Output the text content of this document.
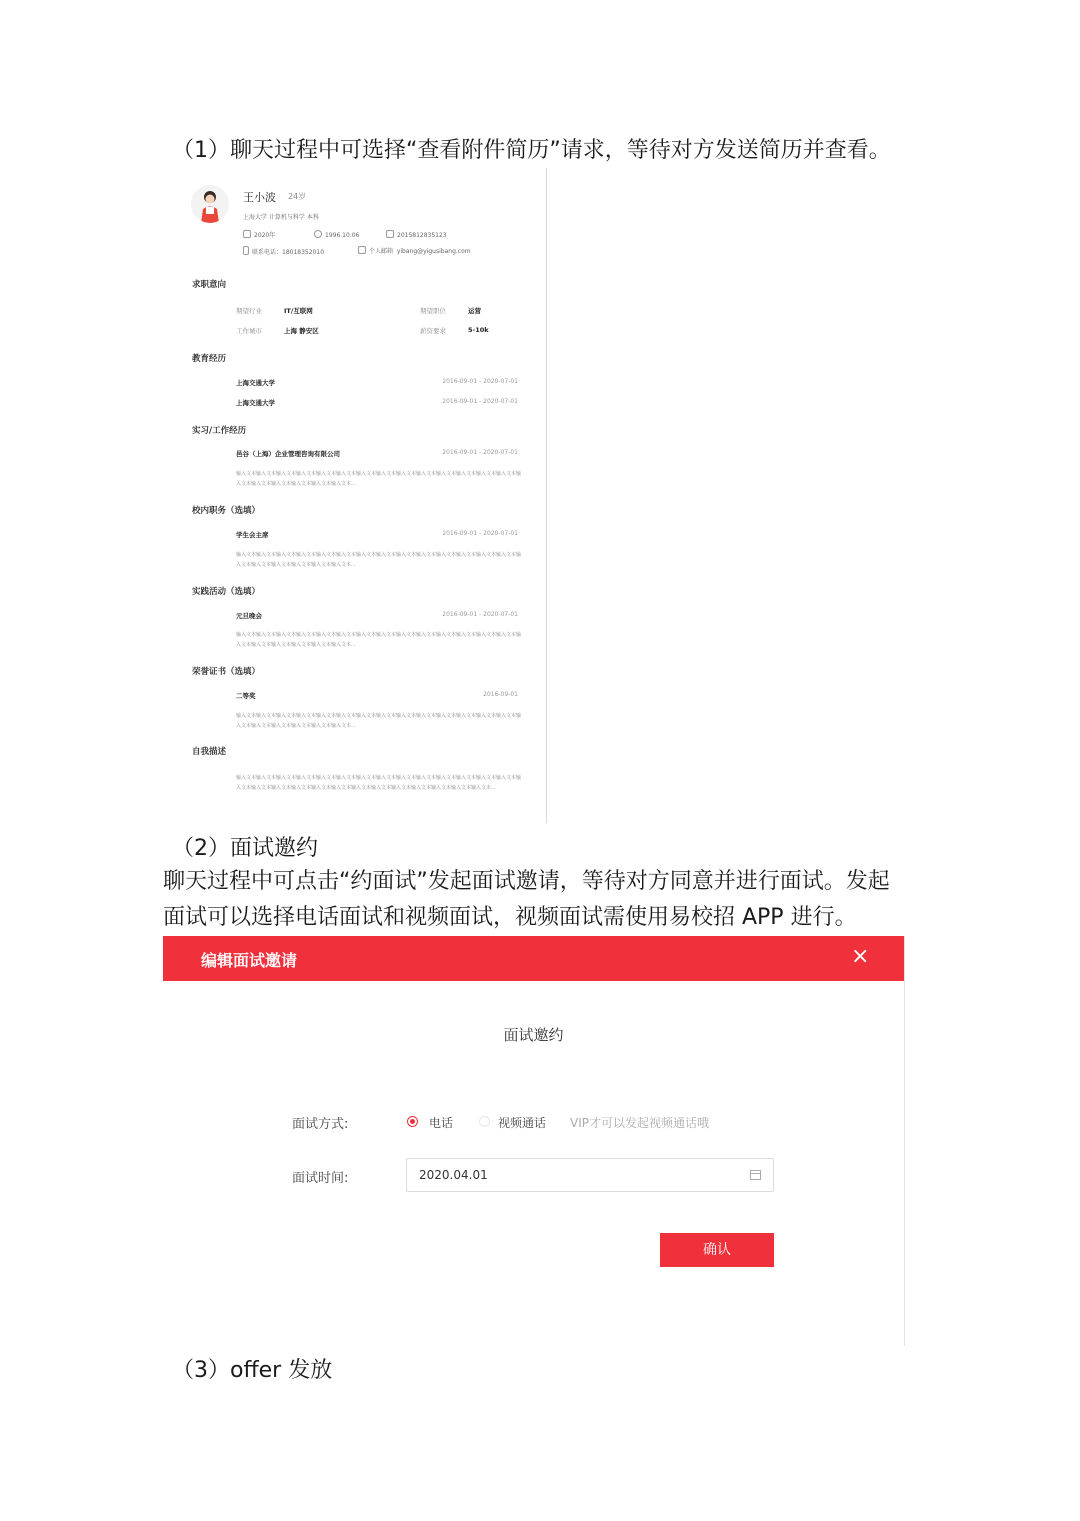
（1）聊天过程中可选择“查看附件简历”请求，等待对方发送简历并查看。
王小波 24岁
上海大学 计算机与科学 本科
2020年	1996.10.06	2015812835123
联系电话：18018352010	个人邮箱 yibang@yigusibang.com
求职意向
期望行业	IT/互联网	期望职位	运营
工作城市	上海 静安区	薪资要求	5-10k
教育经历
上海交通大学	2016-09-01 - 2020-07-01
上海交通大学	2016-09-01 - 2020-07-01
实习/工作经历
邑谷（上海）企业管理咨询有限公司	2016-09-01 - 2020-07-01
输入文本输入文本输入文本输入文本输入文本输入文本输入文本输入文本输入文本输入文本输入文本输入文本输入文本输入文本输入文本输入文本输入文本输入文本输入文本输入文本...
校内职务（选填）
学生会主席	2016-09-01 - 2020-07-01
输入文本输入文本输入文本输入文本输入文本输入文本输入文本输入文本输入文本输入文本输入文本输入文本输入文本输入文本输入文本输入文本输入文本输入文本输入文本输入文本...
实践活动（选填）
元旦晚会	2016-09-01 - 2020-07-01
输入文本输入文本输入文本输入文本输入文本输入文本输入文本输入文本输入文本输入文本输入文本输入文本输入文本输入文本输入文本输入文本输入文本输入文本输入文本输入文本...
荣誉证书（选填）
二等奖	2016-09-01
输入文本输入文本输入文本输入文本输入文本输入文本输入文本输入文本输入文本输入文本输入文本输入文本输入文本输入文本输入文本输入文本输入文本输入文本输入文本输入文本...
自我描述
输入文本输入文本输入文本输入文本输入文本输入文本输入文本输入文本输入文本输入文本输入文本输入文本输入文本输入文本输入文本输入文本输入文本输入文本输入文本输入文本输入文本输入文本输入文本输入文本输入文本输入文本输入文本...
（2）面试邀约
聊天过程中可点击“约面试”发起面试邀请，等待对方同意并进行面试。发起
面试可以选择电话面试和视频面试，视频面试需使用易校招 APP 进行。
编辑面试邀请	×
面试邀约
面试方式:	电话	视频通话 VIP才可以发起视频通话哦
面试时间:	2020.04.01
确认
（3）offer 发放
